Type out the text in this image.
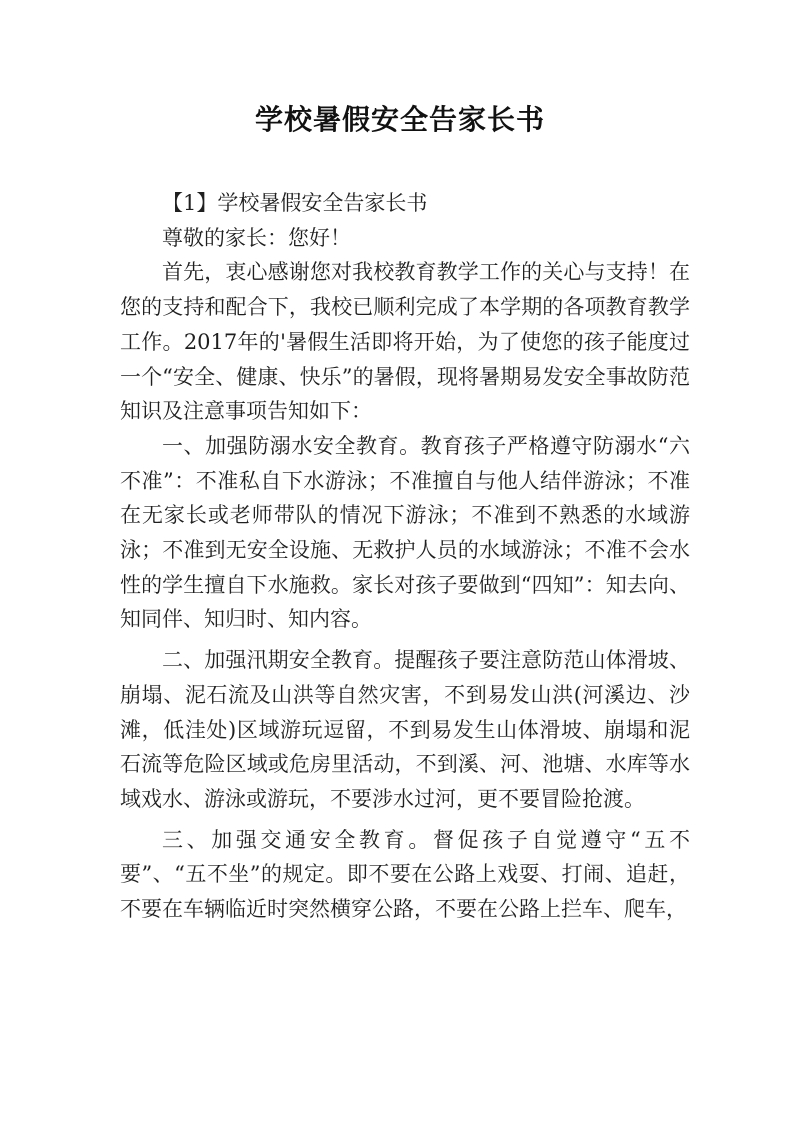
学校暑假安全告家长书

【1】学校暑假安全告家长书

尊敬的家长：您好！

首先，衷心感谢您对我校教育教学工作的关心与支持！在您的支持和配合下，我校已顺利完成了本学期的各项教育教学工作。2017年的'暑假生活即将开始，为了使您的孩子能度过一个“安全、健康、快乐”的暑假，现将暑期易发安全事故防范知识及注意事项告知如下：

一、加强防溺水安全教育。教育孩子严格遵守防溺水“六不准”：不准私自下水游泳；不准擅自与他人结伴游泳；不准在无家长或老师带队的情况下游泳；不准到不熟悉的水域游泳；不准到无安全设施、无救护人员的水域游泳；不准不会水性的学生擅自下水施救。家长对孩子要做到“四知”：知去向、知同伴、知归时、知内容。

二、加强汛期安全教育。提醒孩子要注意防范山体滑坡、崩塌、泥石流及山洪等自然灾害，不到易发山洪(河溪边、沙滩，低洼处)区域游玩逗留，不到易发生山体滑坡、崩塌和泥石流等危险区域或危房里活动，不到溪、河、池塘、水库等水域戏水、游泳或游玩，不要涉水过河，更不要冒险抢渡。

三、加强交通安全教育。督促孩子自觉遵守“五不要”、“五不坐”的规定。即不要在公路上戏耍、打闹、追赶，不要在车辆临近时突然横穿公路，不要在公路上拦车、爬车，
